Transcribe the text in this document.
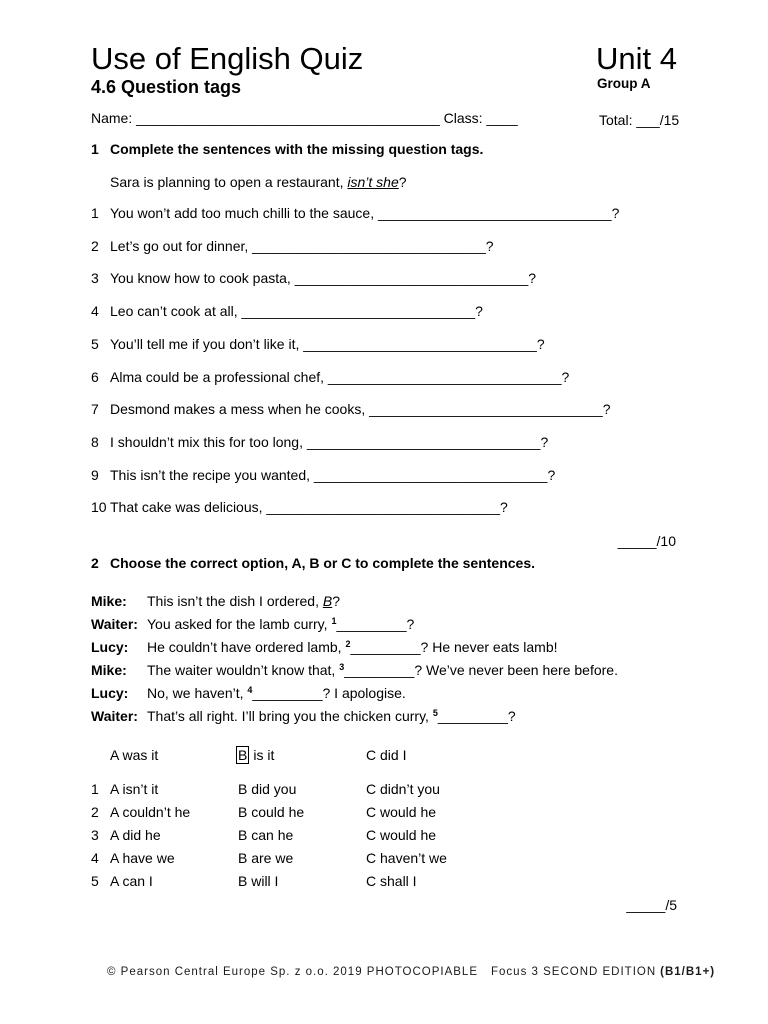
Use of English Quiz	Unit 4
4.6 Question tags	Group A
Name: _______________________________________ Class: ____	Total: ___/15
1 Complete the sentences with the missing question tags.
Sara is planning to open a restaurant, isn’t she?
1 You won’t add too much chilli to the sauce, ______________________________?
2 Let’s go out for dinner, ______________________________?
3 You know how to cook pasta, ______________________________?
4 Leo can’t cook at all, ______________________________?
5 You’ll tell me if you don’t like it, ______________________________?
6 Alma could be a professional chef, ______________________________?
7 Desmond makes a mess when he cooks, ______________________________?
8 I shouldn’t mix this for too long, ______________________________?
9 This isn’t the recipe you wanted, ______________________________?
10 That cake was delicious, ______________________________?
_____/10
2 Choose the correct option, A, B or C to complete the sentences.
Mike: This isn’t the dish I ordered, B?
Waiter: You asked for the lamb curry, $^1$_________?
Lucy: He couldn’t have ordered lamb, $^2$_________? He never eats lamb!
Mike: The waiter wouldn’t know that, $^3$_________? We’ve never been here before.
Lucy: No, we haven’t, $^4$_________? I apologise.
Waiter: That’s all right. I’ll bring you the chicken curry, $^5$_________?
A was it	B is it	C did I
1 A isn’t it	B did you	C didn’t you
2 A couldn’t he	B could he	C would he
3 A did he	B can he	C would he
4 A have we	B are we	C haven’t we
5 A can I	B will I	C shall I
_____/5
© Pearson Central Europe Sp. z o.o. 2019 PHOTOCOPIABLE Focus 3 SECOND EDITION (B1/B1+)
